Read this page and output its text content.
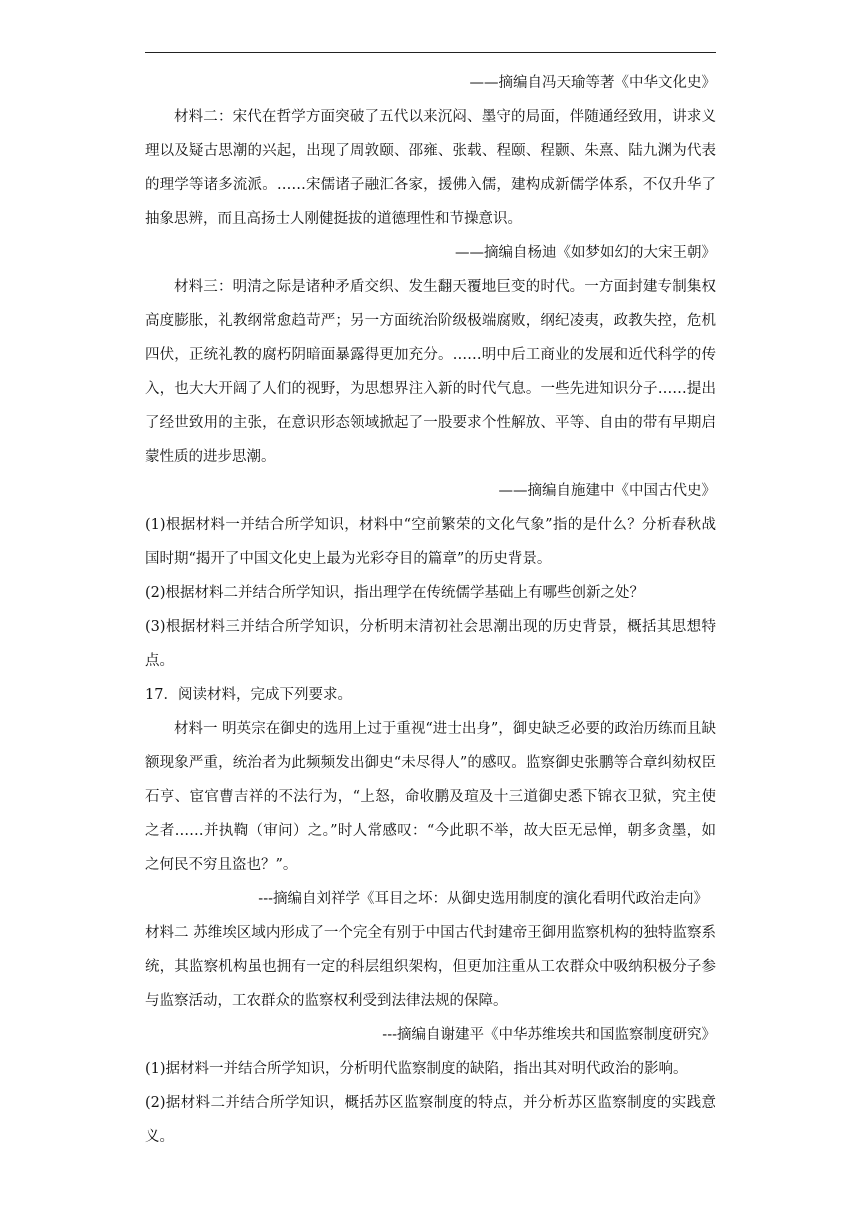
——摘编自冯天瑜等著《中华文化史》

材料二：宋代在哲学方面突破了五代以来沉闷、墨守的局面，伴随通经致用，讲求义理以及疑古思潮的兴起，出现了周敦颐、邵雍、张载、程颐、程颢、朱熹、陆九渊为代表的理学等诸多流派。……宋儒诸子融汇各家，援佛入儒，建构成新儒学体系，不仅升华了抽象思辨，而且高扬士人刚健挺拔的道德理性和节操意识。

——摘编自杨迪《如梦如幻的大宋王朝》

材料三：明清之际是诸种矛盾交织、发生翻天覆地巨变的时代。一方面封建专制集权高度膨胀，礼教纲常愈趋苛严；另一方面统治阶级极端腐败，纲纪凌夷，政教失控，危机四伏，正统礼教的腐朽阴暗面暴露得更加充分。……明中后工商业的发展和近代科学的传入，也大大开阔了人们的视野，为思想界注入新的时代气息。一些先进知识分子……提出了经世致用的主张，在意识形态领域掀起了一股要求个性解放、平等、自由的带有早期启蒙性质的进步思潮。

——摘编自施建中《中国古代史》

(1)根据材料一并结合所学知识，材料中“空前繁荣的文化气象”指的是什么？分析春秋战国时期“揭开了中国文化史上最为光彩夺目的篇章”的历史背景。

(2)根据材料二并结合所学知识，指出理学在传统儒学基础上有哪些创新之处？

(3)根据材料三并结合所学知识，分析明末清初社会思潮出现的历史背景，概括其思想特点。

17．阅读材料，完成下列要求。

材料一 明英宗在御史的选用上过于重视“进士出身”，御史缺乏必要的政治历练而且缺额现象严重，统治者为此频频发出御史“未尽得人”的感叹。监察御史张鹏等合章纠劾权臣石亨、宦官曹吉祥的不法行为，“上怒，命收鹏及瑄及十三道御史悉下锦衣卫狱，究主使之者……并执鞫（审问）之。”时人常感叹：“今此职不举，故大臣无忌惮，朝多贪墨，如之何民不穷且盗也？”。

---摘编自刘祥学《耳目之坏：从御史选用制度的演化看明代政治走向》

材料二 苏维埃区域内形成了一个完全有别于中国古代封建帝王御用监察机构的独特监察系统，其监察机构虽也拥有一定的科层组织架构，但更加注重从工农群众中吸纳积极分子参与监察活动，工农群众的监察权利受到法律法规的保障。

---摘编自谢建平《中华苏维埃共和国监察制度研究》

(1)据材料一并结合所学知识，分析明代监察制度的缺陷，指出其对明代政治的影响。

(2)据材料二并结合所学知识，概括苏区监察制度的特点，并分析苏区监察制度的实践意义。
